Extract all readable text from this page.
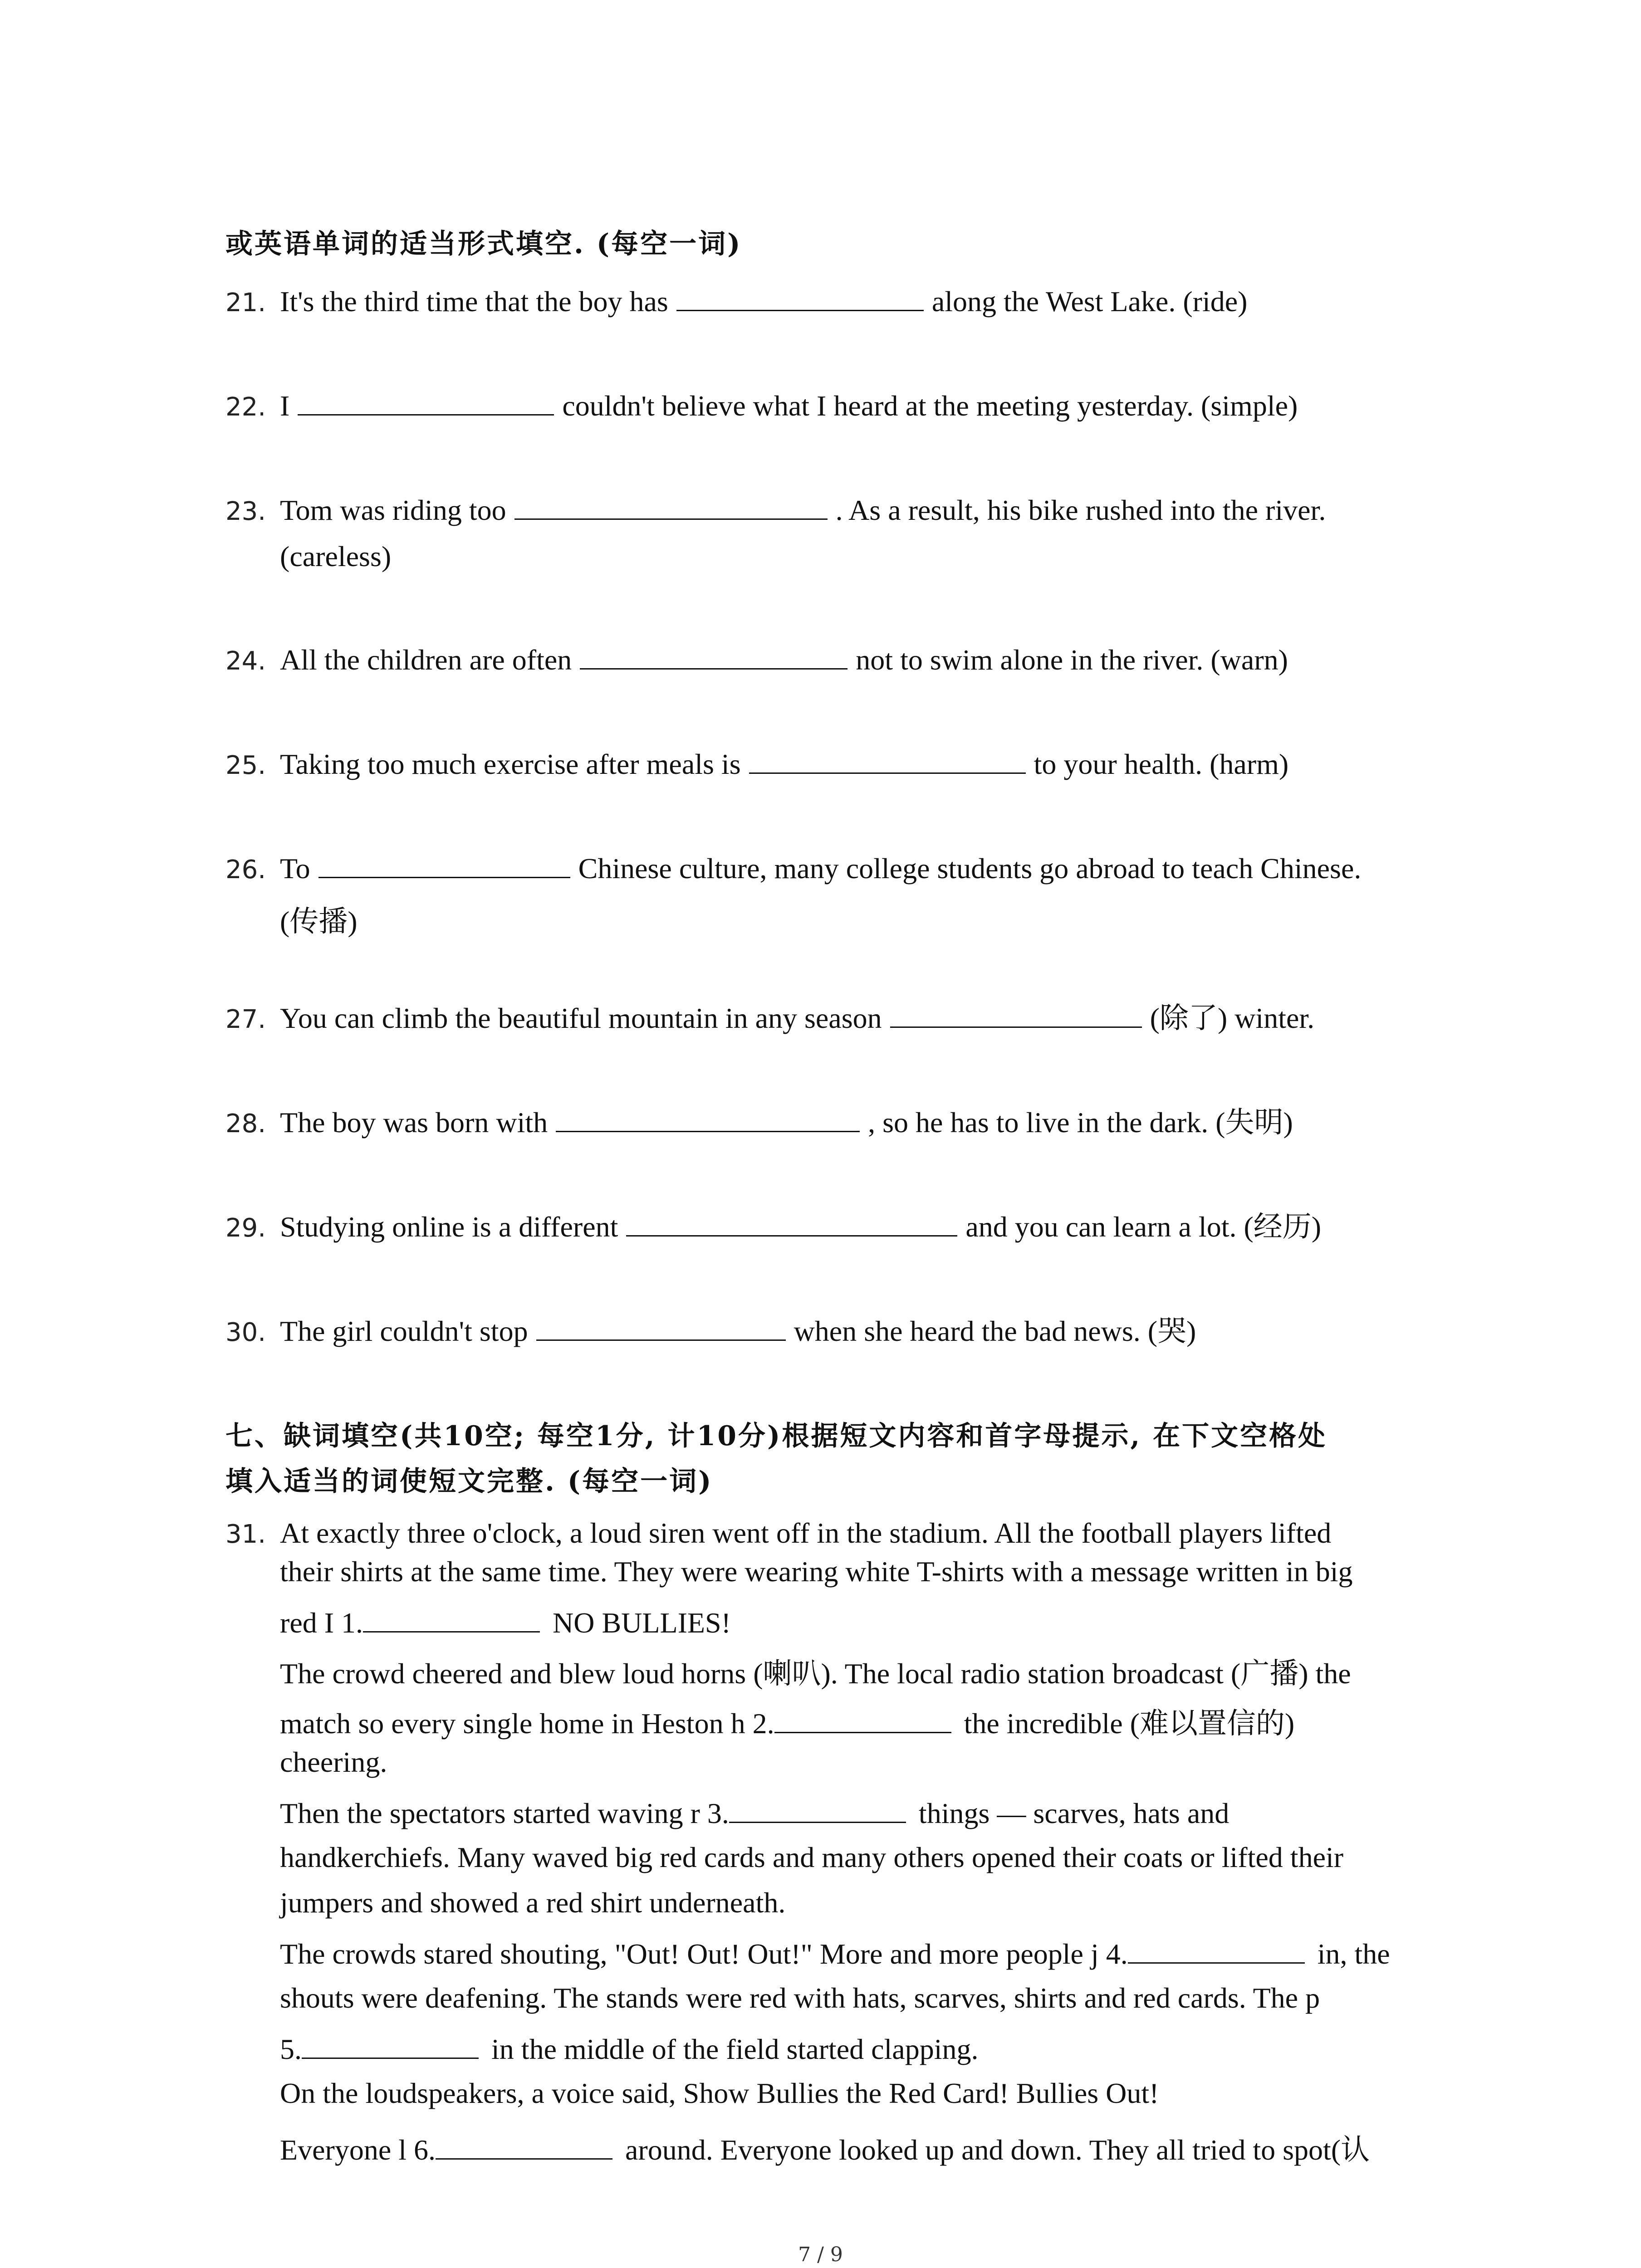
或英语单词的适当形式填空. (每空一词)
21. It's the third time that the boy has	along the West Lake. (ride)
22. I	couldn't believe what I heard at the meeting yesterday. (simple)
23. Tom was riding too	. As a result, his bike rushed into the river.
(careless)
24. All the children are often	not to swim alone in the river. (warn)
25. Taking too much exercise after meals is	to your health. (harm)
26. To	Chinese culture, many college students go abroad to teach Chinese.
(传播)
27. You can climb the beautiful mountain in any season	(除了) winter.
28. The boy was born with	, so he has to live in the dark. (失明)
29. Studying online is a different	and you can learn a lot. (经历)
30. The girl couldn't stop	when she heard the bad news. (哭)
七、缺词填空(共10空; 每空1分, 计10分)根据短文内容和首字母提示, 在下文空格处
填入适当的词使短文完整. (每空一词)
31. At exactly three o'clock, a loud siren went off in the stadium. All the football players lifted
their shirts at the same time. They were wearing white T-shirts with a message written in big
red I 1.	NO BULLIES!
The crowd cheered and blew loud horns (喇叭). The local radio station broadcast (广播) the
match so every single home in Heston h 2.	the incredible (难以置信的)
cheering.
Then the spectators started waving r 3.	things — scarves, hats and
handkerchiefs. Many waved big red cards and many others opened their coats or lifted their
jumpers and showed a red shirt underneath.
The crowds stared shouting, "Out! Out! Out!" More and more people j 4.	in, the
shouts were deafening. The stands were red with hats, scarves, shirts and red cards. The p
5.	in the middle of the field started clapping.
On the loudspeakers, a voice said, Show Bullies the Red Card! Bullies Out!
Everyone l 6.	around. Everyone looked up and down. They all tried to spot(认
7 / 9
